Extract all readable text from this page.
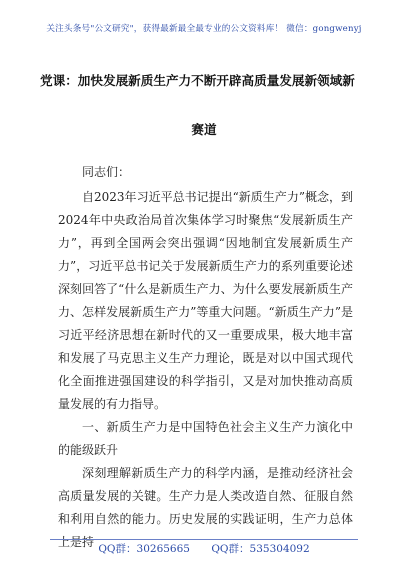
关注头条号"公文研究"，获得最新最全最专业的公文资料库！ 微信：gongwenyj
党课：加快发展新质生产力不断开辟高质量发展新领域新
赛道
同志们：

自2023年习近平总书记提出“新质生产力”概念，到2024年中央政治局首次集体学习时聚焦“发展新质生产力”，再到全国两会突出强调“因地制宜发展新质生产力”，习近平总书记关于发展新质生产力的系列重要论述深刻回答了“什么是新质生产力、为什么要发展新质生产力、怎样发展新质生产力”等重大问题。“新质生产力”是习近平经济思想在新时代的又一重要成果，极大地丰富和发展了马克思主义生产力理论，既是对以中国式现代化全面推进强国建设的科学指引，又是对加快推动高质量发展的有力指导。

一、新质生产力是中国特色社会主义生产力演化中的能级跃升

深刻理解新质生产力的科学内涵，是推动经济社会高质量发展的关键。生产力是人类改造自然、征服自然和利用自然的能力。历史发展的实践证明，生产力总体上是持 QQ群：30265665 QQ群：535304092
